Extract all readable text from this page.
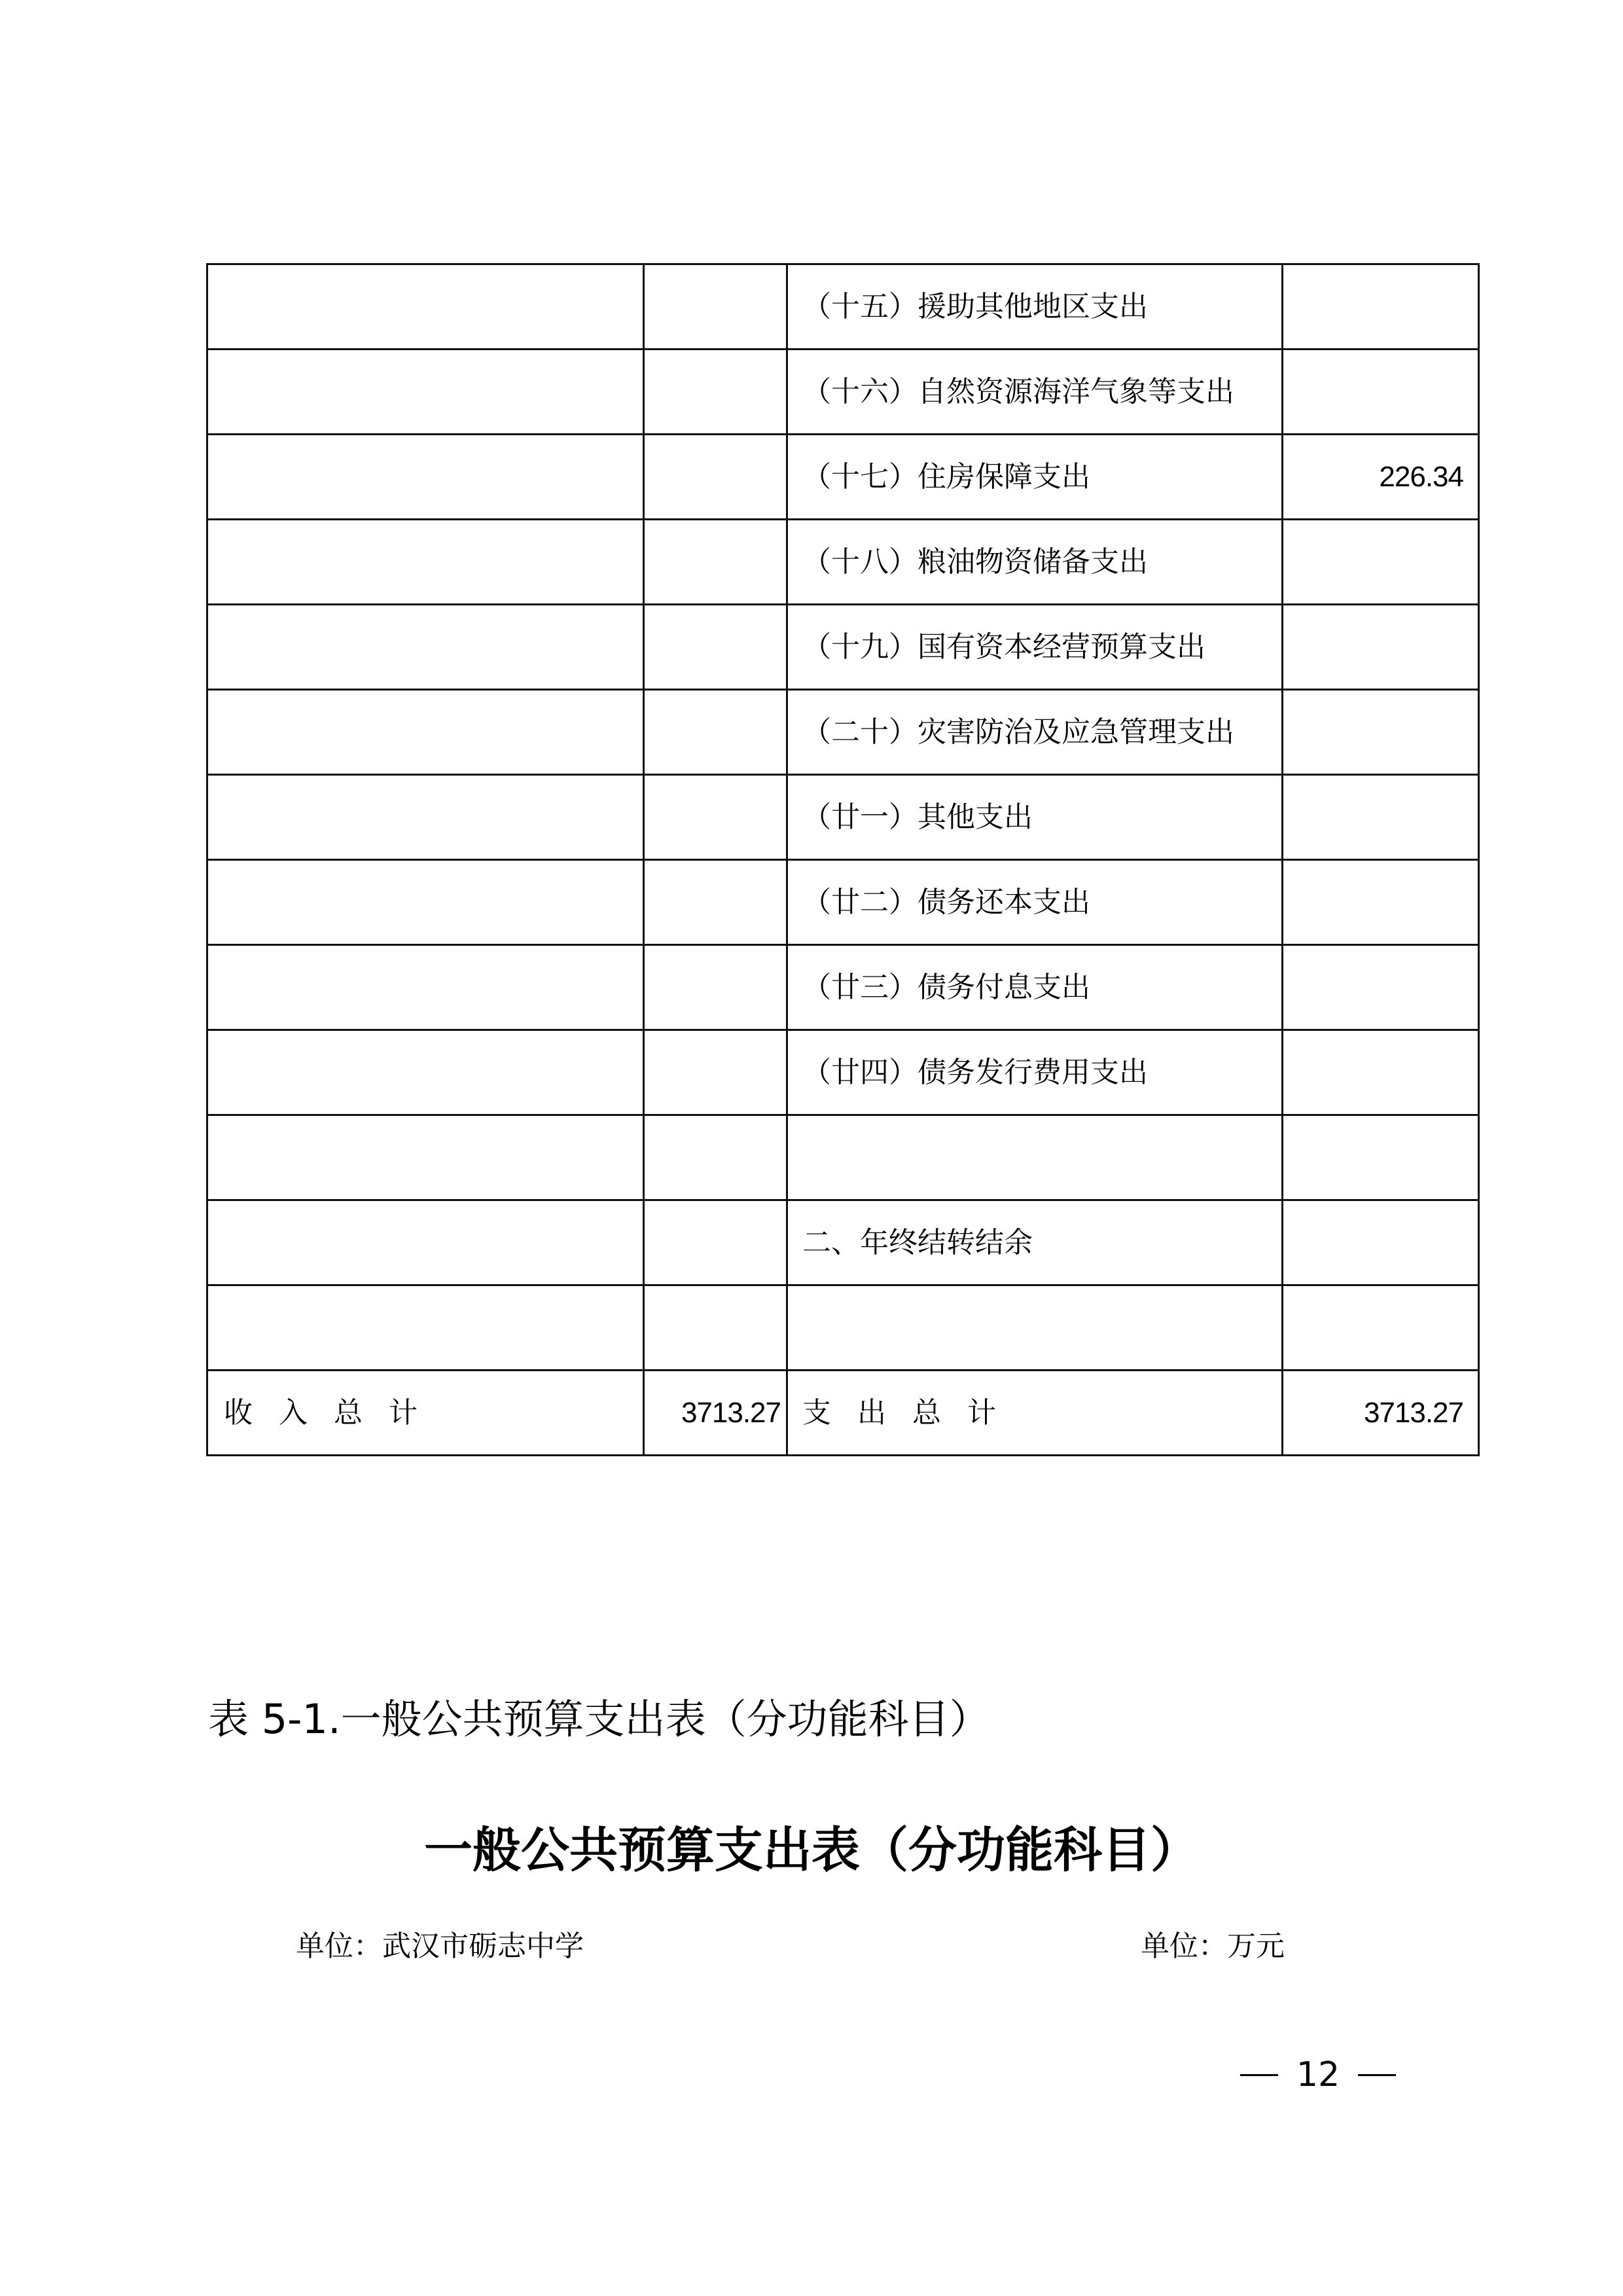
		（十五）援助其他地区支出	
		（十六）自然资源海洋气象等支出	
		（十七）住房保障支出	226.34
		（十八）粮油物资储备支出	
		（十九）国有资本经营预算支出	
		（二十）灾害防治及应急管理支出	
		（廿一）其他支出	
		（廿二）债务还本支出	
		（廿三）债务付息支出	
		（廿四）债务发行费用支出	

		二、年终结转结余	

收入总计	3713.27	支出总计	3713.27
表 5-1.一般公共预算支出表（分功能科目）
一般公共预算支出表（分功能科目）
单位：武汉市砺志中学	单位：万元
12
